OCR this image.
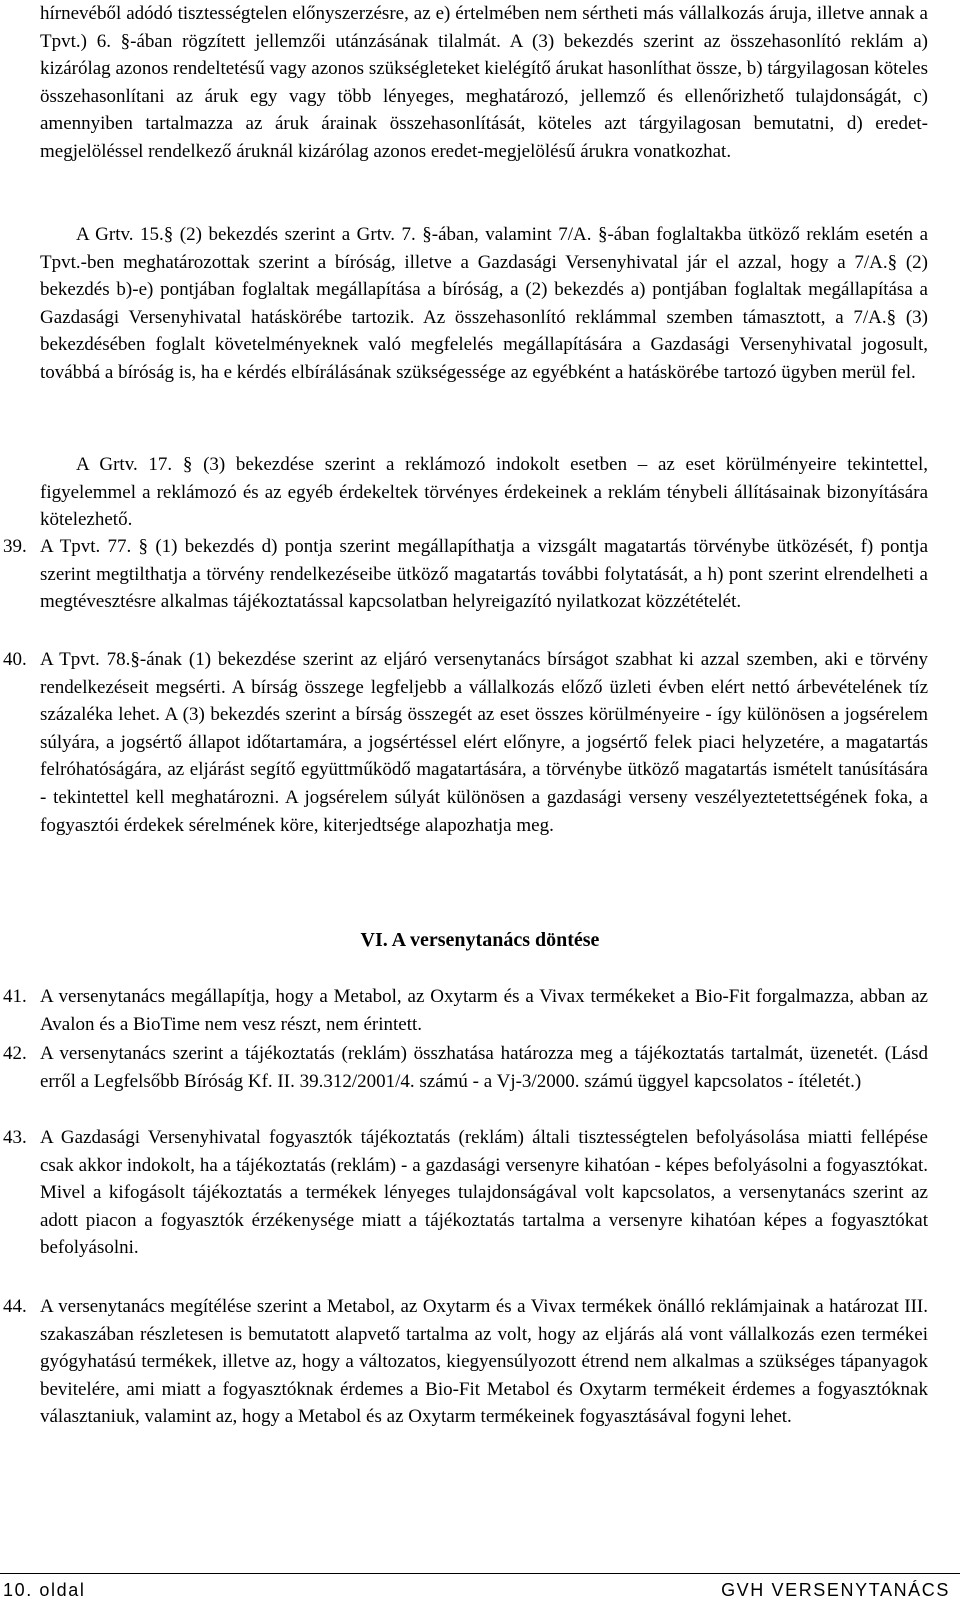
hírnevéből adódó tisztességtelen előnyszerzésre, az e) értelmében nem sértheti más vállalkozás áruja, illetve annak a Tpvt.) 6. §-ában rögzített jellemzői utánzásának tilalmát. A (3) bekezdés szerint az összehasonlító reklám a) kizárólag azonos rendeltetésű vagy azonos szükségleteket kielégítő árukat hasonlíthat össze, b) tárgyilagosan köteles összehasonlítani az áruk egy vagy több lényeges, meghatározó, jellemző és ellenőrizhető tulajdonságát, c) amennyiben tartalmazza az áruk árainak összehasonlítását, köteles azt tárgyilagosan bemutatni, d) eredet-megjelöléssel rendelkező áruknál kizárólag azonos eredet-megjelölésű árukra vonatkozhat.

A Grtv. 15.§ (2) bekezdés szerint a Grtv. 7. §-ában, valamint 7/A. §-ában foglaltakba ütköző reklám esetén a Tpvt.-ben meghatározottak szerint a bíróság, illetve a Gazdasági Versenyhivatal jár el azzal, hogy a 7/A.§ (2) bekezdés b)-e) pontjában foglaltak megállapítása a bíróság, a (2) bekezdés a) pontjában foglaltak megállapítása a Gazdasági Versenyhivatal hatáskörébe tartozik. Az összehasonlító reklámmal szemben támasztott, a 7/A.§ (3) bekezdésében foglalt követelményeknek való megfelelés megállapítására a Gazdasági Versenyhivatal jogosult, továbbá a bíróság is, ha e kérdés elbírálásának szükségessége az egyébként a hatáskörébe tartozó ügyben merül fel.

A Grtv. 17. § (3) bekezdése szerint a reklámozó indokolt esetben – az eset körülményeire tekintettel, figyelemmel a reklámozó és az egyéb érdekeltek törvényes érdekeinek a reklám ténybeli állításainak bizonyítására kötelezhető.

39. A Tpvt. 77. § (1) bekezdés d) pontja szerint megállapíthatja a vizsgált magatartás törvénybe ütközését, f) pontja szerint megtilthatja a törvény rendelkezéseibe ütköző magatartás további folytatását, a h) pont szerint elrendelheti a megtévesztésre alkalmas tájékoztatással kapcsolatban helyreigazító nyilatkozat közzétételét.

40. A Tpvt. 78.§-ának (1) bekezdése szerint az eljáró versenytanács bírságot szabhat ki azzal szemben, aki e törvény rendelkezéseit megsérti. A bírság összege legfeljebb a vállalkozás előző üzleti évben elért nettó árbevételének tíz százaléka lehet. A (3) bekezdés szerint a bírság összegét az eset összes körülményeire - így különösen a jogsérelem súlyára, a jogsértő állapot időtartamára, a jogsértéssel elért előnyre, a jogsértő felek piaci helyzetére, a magatartás felróhatóságára, az eljárást segítő együttműködő magatartására, a törvénybe ütköző magatartás ismételt tanúsítására - tekintettel kell meghatározni. A jogsérelem súlyát különösen a gazdasági verseny veszélyeztetettségének foka, a fogyasztói érdekek sérelmének köre, kiterjedtsége alapozhatja meg.

VI. A versenytanács döntése
41. A versenytanács megállapítja, hogy a Metabol, az Oxytarm és a Vivax termékeket a Bio-Fit forgalmazza, abban az Avalon és a BioTime nem vesz részt, nem érintett.

42. A versenytanács szerint a tájékoztatás (reklám) összhatása határozza meg a tájékoztatás tartalmát, üzenetét. (Lásd erről a Legfelsőbb Bíróság Kf. II. 39.312/2001/4. számú - a Vj-3/2000. számú üggyel kapcsolatos - ítéletét.)

43. A Gazdasági Versenyhivatal fogyasztók tájékoztatás (reklám) általi tisztességtelen befolyásolása miatti fellépése csak akkor indokolt, ha a tájékoztatás (reklám) - a gazdasági versenyre kihatóan - képes befolyásolni a fogyasztókat. Mivel a kifogásolt tájékoztatás a termékek lényeges tulajdonságával volt kapcsolatos, a versenytanács szerint az adott piacon a fogyasztók érzékenysége miatt a tájékoztatás tartalma a versenyre kihatóan képes a fogyasztókat befolyásolni.

44. A versenytanács megítélése szerint a Metabol, az Oxytarm és a Vivax termékek önálló reklámjainak a határozat III. szakaszában részletesen is bemutatott alapvető tartalma az volt, hogy az eljárás alá vont vállalkozás ezen termékei gyógyhatású termékek, illetve az, hogy a változatos, kiegyensúlyozott étrend nem alkalmas a szükséges tápanyagok bevitelére, ami miatt a fogyasztóknak érdemes a Bio-Fit Metabol és Oxytarm termékeit érdemes a fogyasztóknak választaniuk, valamint az, hogy a Metabol és az Oxytarm termékeinek fogyasztásával fogyni lehet.

10. oldal	GVH VERSENYTANÁCS
